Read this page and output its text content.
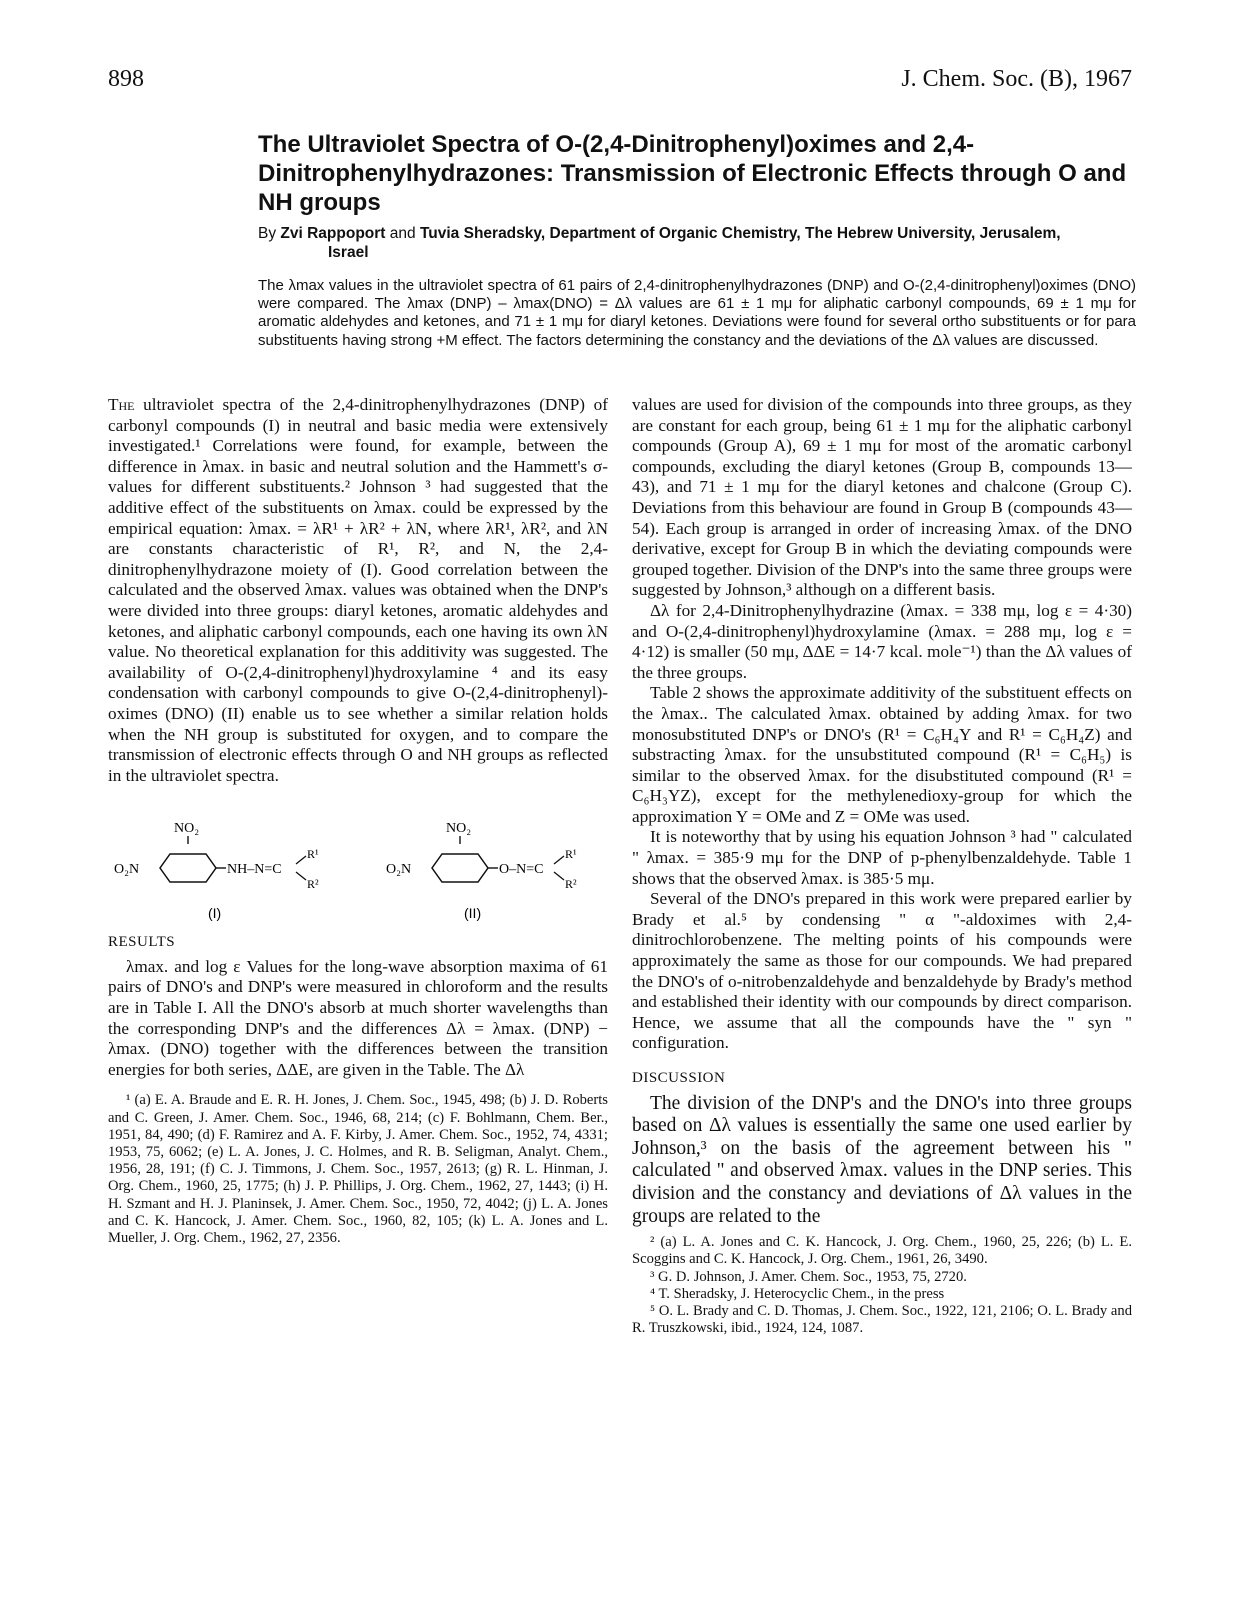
898	J. Chem. Soc. (B), 1967
The Ultraviolet Spectra of O-(2,4-Dinitrophenyl)oximes and 2,4-Dinitrophenylhydrazones: Transmission of Electronic Effects through O and NH groups
By Zvi Rappoport and Tuvia Sheradsky, Department of Organic Chemistry, The Hebrew University, Jerusalem,
Israel
The λmax values in the ultraviolet spectra of 61 pairs of 2,4-dinitrophenylhydrazones (DNP) and O-(2,4-dinitrophenyl)oximes (DNO) were compared. The λmax (DNP) – λmax(DNO) = Δλ values are 61 ± 1 mμ for aliphatic carbonyl compounds, 69 ± 1 mμ for aromatic aldehydes and ketones, and 71 ± 1 mμ for diaryl ketones. Deviations were found for several ortho substituents or for para substituents having strong +M effect. The factors determining the constancy and the deviations of the Δλ values are discussed.

The ultraviolet spectra of the 2,4-dinitrophenylhydrazones (DNP) of carbonyl compounds (I) in neutral and basic media were extensively investigated.¹ Correlations were found, for example, between the difference in λmax. in basic and neutral solution and the Hammett's σ-values for different substituents.² Johnson ³ had suggested that the additive effect of the substituents on λmax. could be expressed by the empirical equation: λmax. = λR¹ + λR² + λN, where λR¹, λR², and λN are constants characteristic of R¹, R², and N, the 2,4-dinitrophenylhydrazone moiety of (I). Good correlation between the calculated and the observed λmax. values was obtained when the DNP's were divided into three groups: diaryl ketones, aromatic aldehydes and ketones, and aliphatic carbonyl compounds, each one having its own λN value. No theoretical explanation for this additivity was suggested. The availability of O-(2,4-dinitrophenyl)hydroxylamine ⁴ and its easy condensation with carbonyl compounds to give O-(2,4-dinitrophenyl)-oximes (DNO) (II) enable us to see whether a similar relation holds when the NH group is substituted for oxygen, and to compare the transmission of electronic effects through O and NH groups as reflected in the ultraviolet spectra.

NO₂
O₂N	NH–N=C
R¹
R²
(I)
NO₂
O₂N	O–N=C
R¹
R²
(II)
RESULTS

λmax. and log ε Values for the long-wave absorption maxima of 61 pairs of DNO's and DNP's were measured in chloroform and the results are in Table I. All the DNO's absorb at much shorter wavelengths than the corresponding DNP's and the differences Δλ = λmax. (DNP) − λmax. (DNO) together with the differences between the transition energies for both series, ΔΔE, are given in the Table. The Δλ

¹ (a) E. A. Braude and E. R. H. Jones, J. Chem. Soc., 1945, 498; (b) J. D. Roberts and C. Green, J. Amer. Chem. Soc., 1946, 68, 214; (c) F. Bohlmann, Chem. Ber., 1951, 84, 490; (d) F. Ramirez and A. F. Kirby, J. Amer. Chem. Soc., 1952, 74, 4331; 1953, 75, 6062; (e) L. A. Jones, J. C. Holmes, and R. B. Seligman, Analyt. Chem., 1956, 28, 191; (f) C. J. Timmons, J. Chem. Soc., 1957, 2613; (g) R. L. Hinman, J. Org. Chem., 1960, 25, 1775; (h) J. P. Phillips, J. Org. Chem., 1962, 27, 1443; (i) H. H. Szmant and H. J. Planinsek, J. Amer. Chem. Soc., 1950, 72, 4042; (j) L. A. Jones and C. K. Hancock, J. Amer. Chem. Soc., 1960, 82, 105; (k) L. A. Jones and L. Mueller, J. Org. Chem., 1962, 27, 2356.

values are used for division of the compounds into three groups, as they are constant for each group, being 61 ± 1 mμ for the aliphatic carbonyl compounds (Group A), 69 ± 1 mμ for most of the aromatic carbonyl compounds, excluding the diaryl ketones (Group B, compounds 13—43), and 71 ± 1 mμ for the diaryl ketones and chalcone (Group C). Deviations from this behaviour are found in Group B (compounds 43—54). Each group is arranged in order of increasing λmax. of the DNO derivative, except for Group B in which the deviating compounds were grouped together. Division of the DNP's into the same three groups were suggested by Johnson,³ although on a different basis.

Δλ for 2,4-Dinitrophenylhydrazine (λmax. = 338 mμ, log ε = 4·30) and O-(2,4-dinitrophenyl)hydroxylamine (λmax. = 288 mμ, log ε = 4·12) is smaller (50 mμ, ΔΔE = 14·7 kcal. mole⁻¹) than the Δλ values of the three groups.

Table 2 shows the approximate additivity of the substituent effects on the λmax.. The calculated λmax. obtained by adding λmax. for two monosubstituted DNP's or DNO's (R¹ = C₆H₄Y and R¹ = C₆H₄Z) and substracting λmax. for the unsubstituted compound (R¹ = C₆H₅) is similar to the observed λmax. for the disubstituted compound (R¹ = C₆H₃YZ), except for the methylenedioxy-group for which the approximation Y = OMe and Z = OMe was used.

It is noteworthy that by using his equation Johnson ³ had " calculated " λmax. = 385·9 mμ for the DNP of p-phenylbenzaldehyde. Table 1 shows that the observed λmax. is 385·5 mμ.

Several of the DNO's prepared in this work were prepared earlier by Brady et al.⁵ by condensing " α "-aldoximes with 2,4-dinitrochlorobenzene. The melting points of his compounds were approximately the same as those for our compounds. We had prepared the DNO's of o-nitrobenzaldehyde and benzaldehyde by Brady's method and established their identity with our compounds by direct comparison. Hence, we assume that all the compounds have the " syn " configuration.

DISCUSSION

The division of the DNP's and the DNO's into three groups based on Δλ values is essentially the same one used earlier by Johnson,³ on the basis of the agreement between his " calculated " and observed λmax. values in the DNP series. This division and the constancy and deviations of Δλ values in the groups are related to the

² (a) L. A. Jones and C. K. Hancock, J. Org. Chem., 1960, 25, 226; (b) L. E. Scoggins and C. K. Hancock, J. Org. Chem., 1961, 26, 3490.

³ G. D. Johnson, J. Amer. Chem. Soc., 1953, 75, 2720.

⁴ T. Sheradsky, J. Heterocyclic Chem., in the press

⁵ O. L. Brady and C. D. Thomas, J. Chem. Soc., 1922, 121, 2106; O. L. Brady and R. Truszkowski, ibid., 1924, 124, 1087.
